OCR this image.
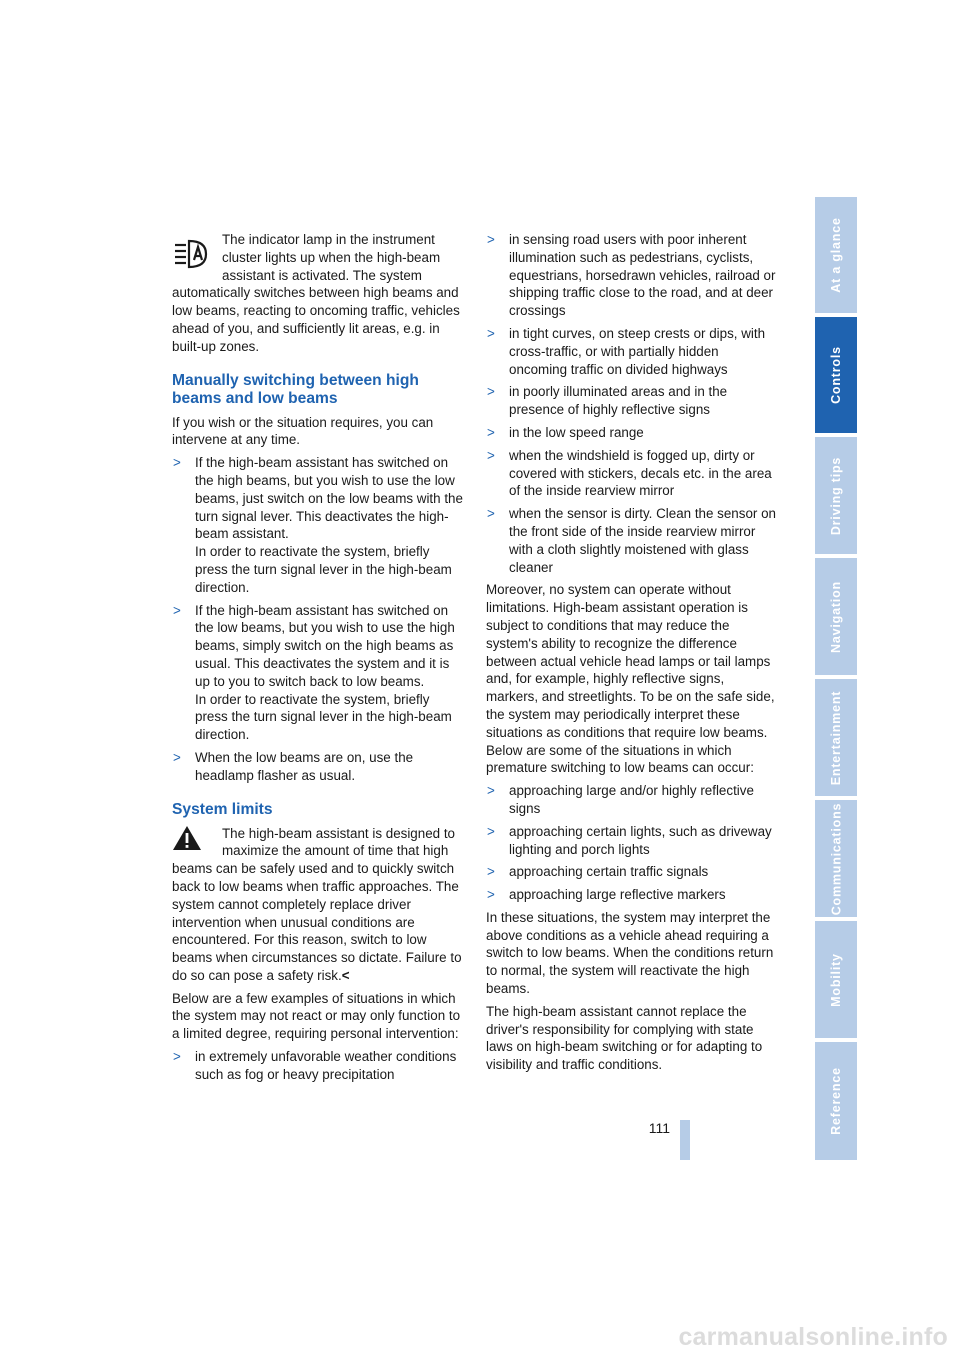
The indicator lamp in the instrument cluster lights up when the high-beam assistant is activated. The system automatically switches between high beams and low beams, reacting to oncoming traffic, vehicles ahead of you, and sufficiently lit areas, e.g. in built-up zones.

Manually switching between high beams and low beams

If you wish or the situation requires, you can intervene at any time.

> If the high-beam assistant has switched on the high beams, but you wish to use the low beams, just switch on the low beams with the turn signal lever. This deactivates the high-beam assistant.
In order to reactivate the system, briefly press the turn signal lever in the high-beam direction.
> If the high-beam assistant has switched on the low beams, but you wish to use the high beams, simply switch on the high beams as usual. This deactivates the system and it is up to you to switch back to low beams.
In order to reactivate the system, briefly press the turn signal lever in the high-beam direction.
> When the low beams are on, use the headlamp flasher as usual.
System limits

The high-beam assistant is designed to maximize the amount of time that high beams can be safely used and to quickly switch back to low beams when traffic approaches. The system cannot completely replace driver intervention when unusual conditions are encountered. For this reason, switch to low beams when circumstances so dictate. Failure to do so can pose a safety risk.<

Below are a few examples of situations in which the system may not react or may only function to a limited degree, requiring personal intervention:

> in extremely unfavorable weather conditions such as fog or heavy precipitation
> in sensing road users with poor inherent illumination such as pedestrians, cyclists, equestrians, horsedrawn vehicles, railroad or shipping traffic close to the road, and at deer crossings
> in tight curves, on steep crests or dips, with cross-traffic, or with partially hidden oncoming traffic on divided highways
> in poorly illuminated areas and in the presence of highly reflective signs
> in the low speed range
> when the windshield is fogged up, dirty or covered with stickers, decals etc. in the area of the inside rearview mirror
> when the sensor is dirty. Clean the sensor on the front side of the inside rearview mirror with a cloth slightly moistened with glass cleaner

Moreover, no system can operate without limitations. High-beam assistant operation is subject to conditions that may reduce the system's ability to recognize the difference between actual vehicle head lamps or tail lamps and, for example, highly reflective signs, markers, and streetlights. To be on the safe side, the system may periodically interpret these situations as conditions that require low beams. Below are some of the situations in which premature switching to low beams can occur:

> approaching large and/or highly reflective signs
> approaching certain lights, such as driveway lighting and porch lights
> approaching certain traffic signals
> approaching large reflective markers

In these situations, the system may interpret the above conditions as a vehicle ahead requiring a switch to low beams. When the conditions return to normal, the system will reactivate the high beams.

The high-beam assistant cannot replace the driver's responsibility for complying with state laws on high-beam switching or for adapting to visibility and traffic conditions.

At a glance
Controls
Driving tips
Navigation
Entertainment
Communications
Mobility
Reference
111
carmanualsonline.info
